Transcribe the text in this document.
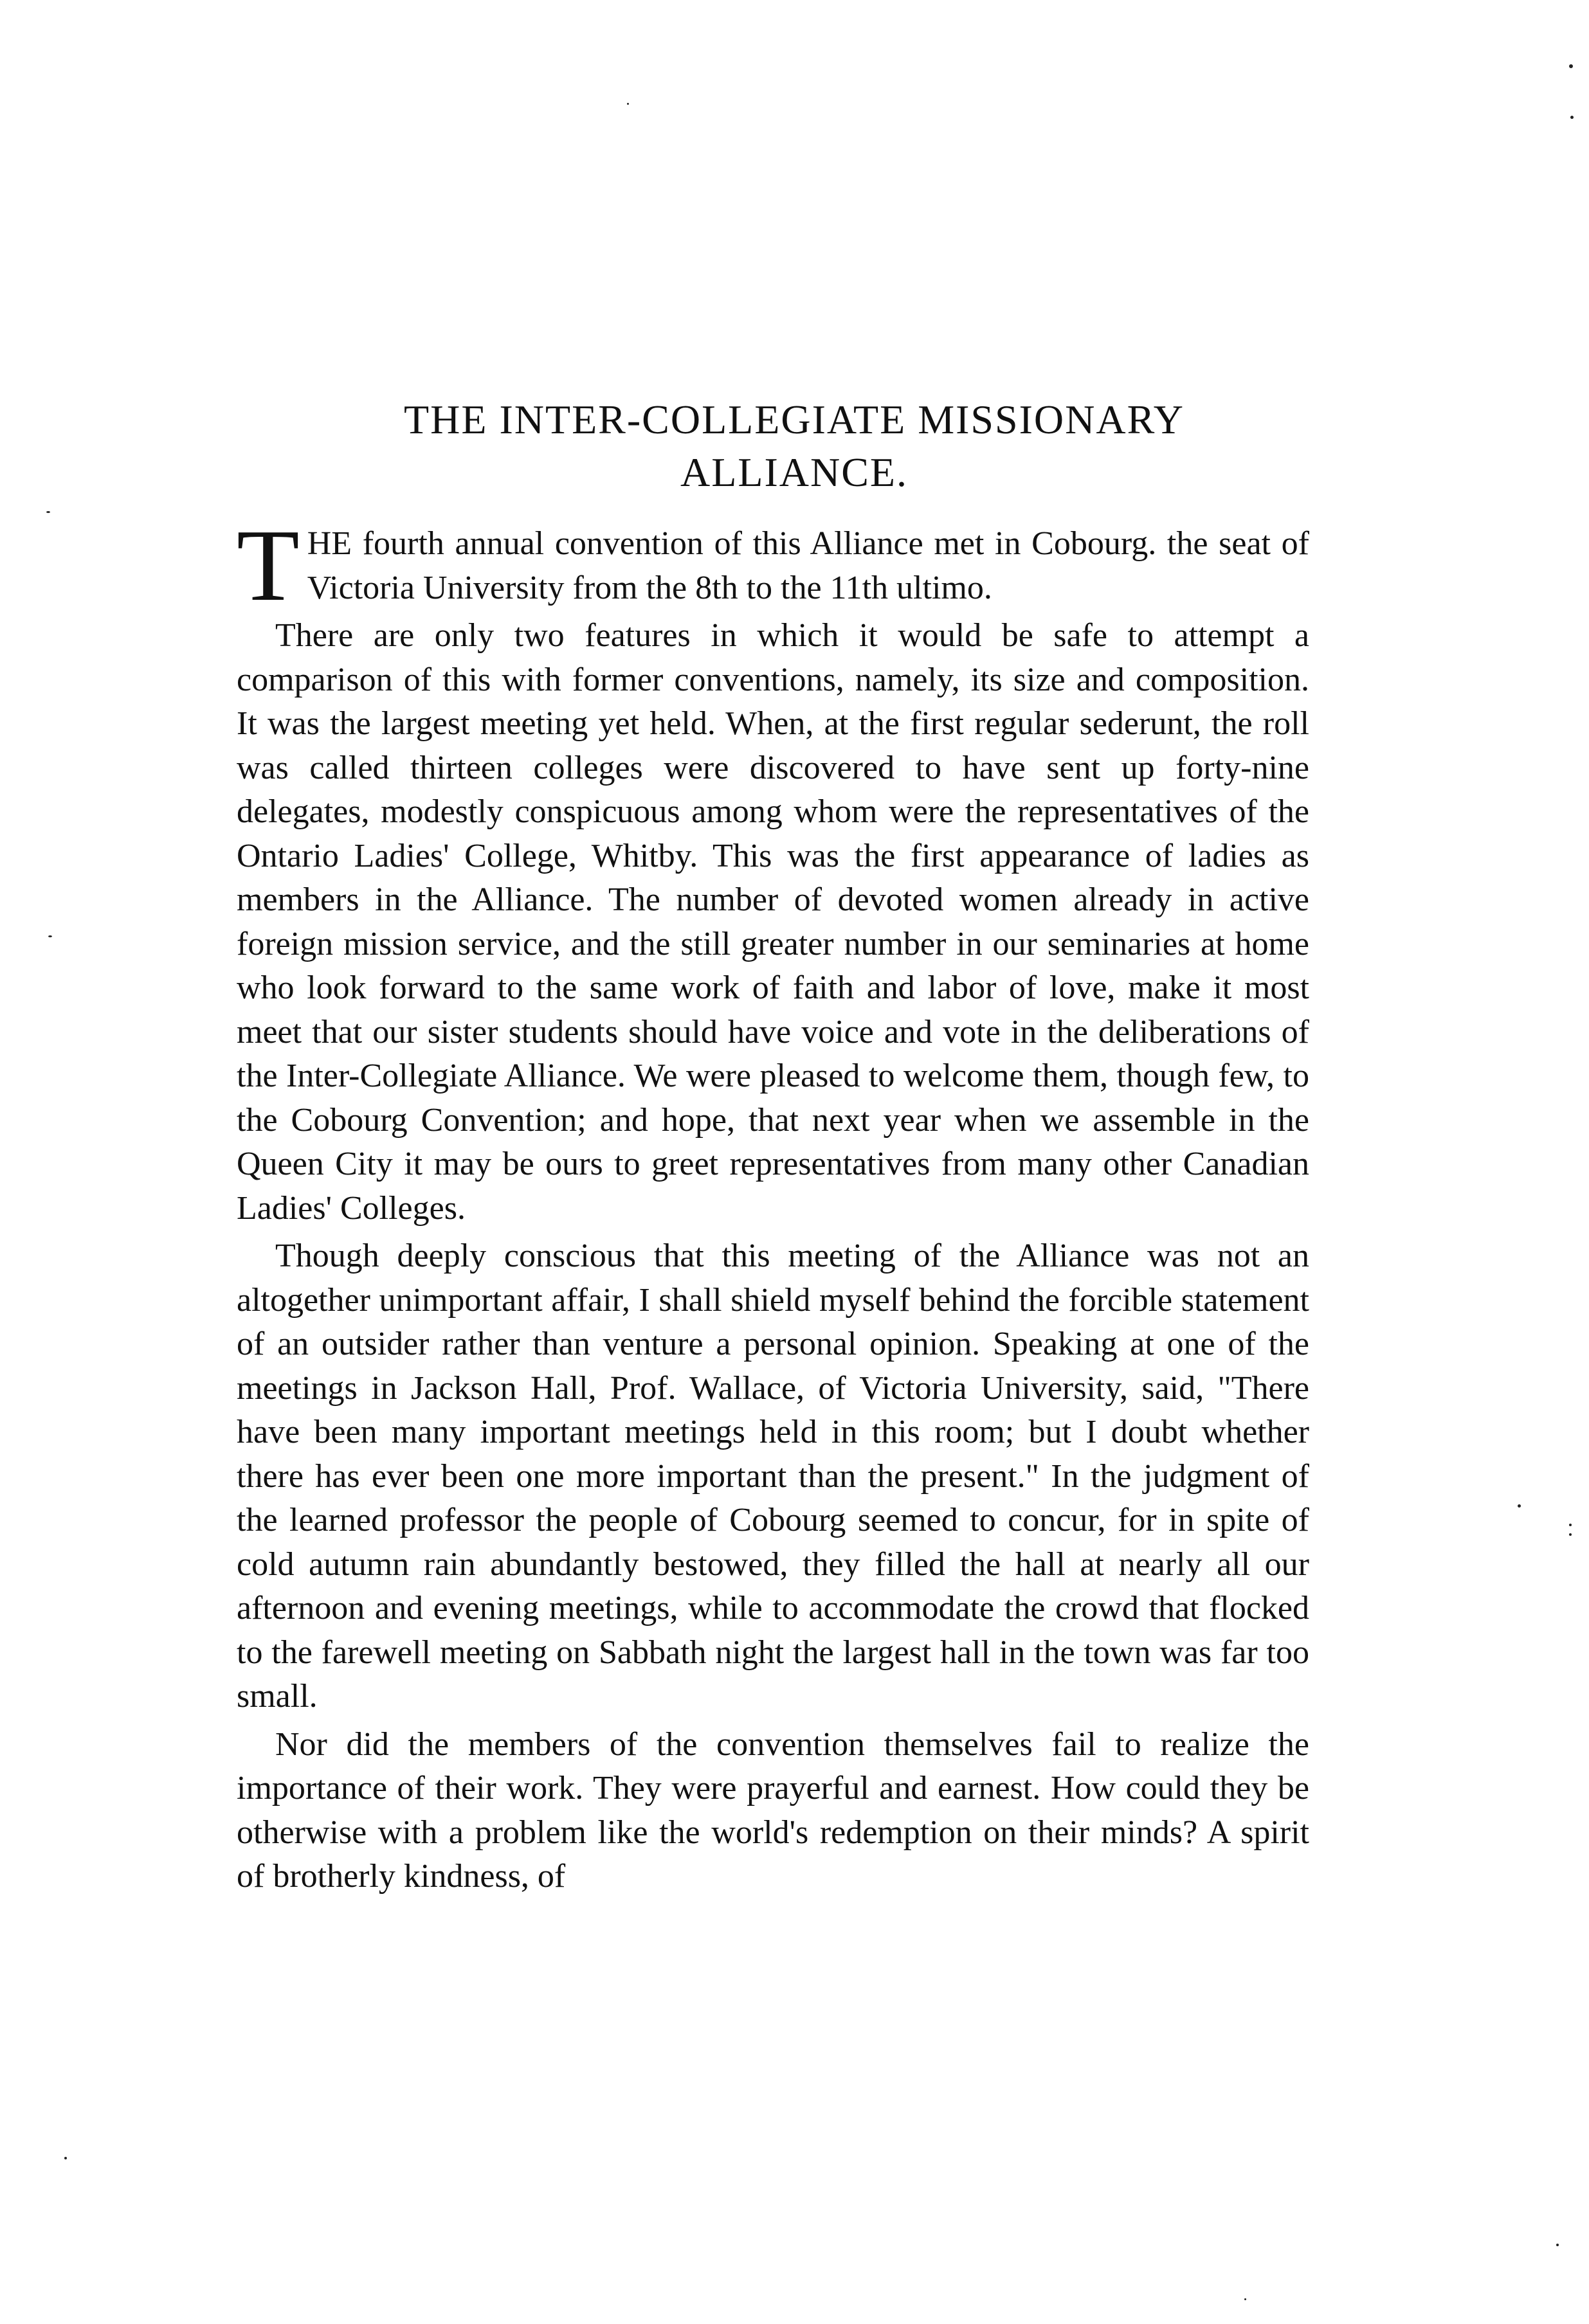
THE INTER-COLLEGIATE MISSIONARY
ALLIANCE.

THE fourth annual convention of this Alliance met in Cobourg. the seat of Victoria University from the 8th to the 11th ultimo.

There are only two features in which it would be safe to attempt a comparison of this with former conventions, namely, its size and composition. It was the largest meeting yet held. When, at the first regular sederunt, the roll was called thirteen colleges were discovered to have sent up forty-nine delegates, modestly conspicuous among whom were the representatives of the Ontario Ladies' College, Whitby. This was the first appearance of ladies as members in the Alliance. The number of devoted women already in active foreign mission service, and the still greater number in our seminaries at home who look forward to the same work of faith and labor of love, make it most meet that our sister students should have voice and vote in the deliberations of the Inter-Collegiate Alliance. We were pleased to welcome them, though few, to the Cobourg Convention; and hope, that next year when we assemble in the Queen City it may be ours to greet representatives from many other Canadian Ladies' Colleges.

Though deeply conscious that this meeting of the Alliance was not an altogether unimportant affair, I shall shield myself behind the forcible statement of an outsider rather than venture a personal opinion. Speaking at one of the meetings in Jackson Hall, Prof. Wallace, of Victoria University, said, "There have been many important meetings held in this room; but I doubt whether there has ever been one more important than the present." In the judgment of the learned professor the people of Cobourg seemed to concur, for in spite of cold autumn rain abundantly bestowed, they filled the hall at nearly all our afternoon and evening meetings, while to accommodate the crowd that flocked to the farewell meeting on Sabbath night the largest hall in the town was far too small.

Nor did the members of the convention themselves fail to realize the importance of their work. They were prayerful and earnest. How could they be otherwise with a problem like the world's redemption on their minds? A spirit of brotherly kindness, of
